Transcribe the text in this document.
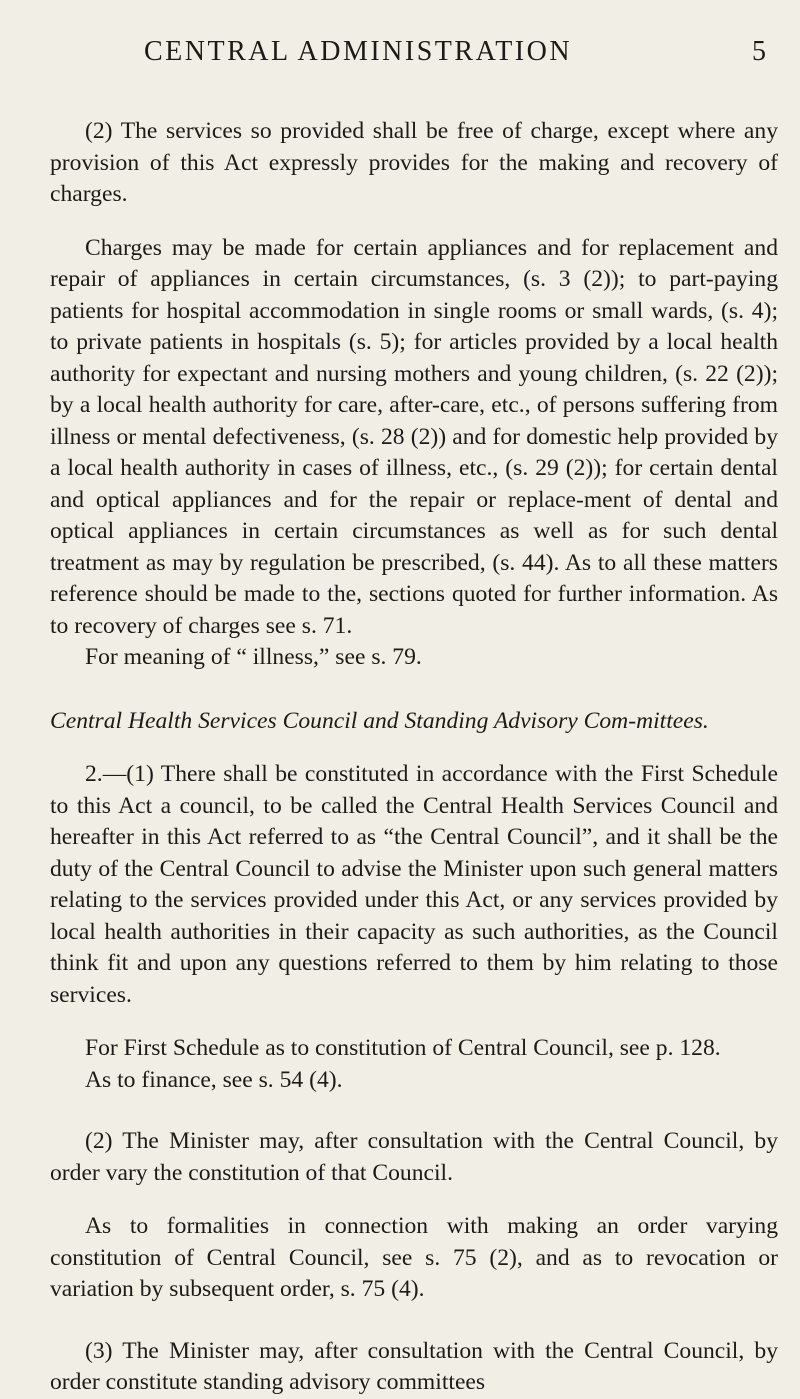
CENTRAL ADMINISTRATION	5

(2) The services so provided shall be free of charge, except where any provision of this Act expressly provides for the making and recovery of charges.

Charges may be made for certain appliances and for replacement and repair of appliances in certain circumstances, (s. 3 (2)); to part-paying patients for hospital accommodation in single rooms or small wards, (s. 4); to private patients in hospitals (s. 5); for articles provided by a local health authority for expectant and nursing mothers and young children, (s. 22 (2)); by a local health authority for care, after-care, etc., of persons suffering from illness or mental defectiveness, (s. 28 (2)) and for domestic help provided by a local health authority in cases of illness, etc., (s. 29 (2)); for certain dental and optical appliances and for the repair or replace-ment of dental and optical appliances in certain circumstances as well as for such dental treatment as may by regulation be prescribed, (s. 44). As to all these matters reference should be made to the, sections quoted for further information. As to recovery of charges see s. 71.

For meaning of “ illness,” see s. 79.

Central Health Services Council and Standing Advisory Com-mittees.

2.—(1) There shall be constituted in accordance with the First Schedule to this Act a council, to be called the Central Health Services Council and hereafter in this Act referred to as “the Central Council”, and it shall be the duty of the Central Council to advise the Minister upon such general matters relating to the services provided under this Act, or any services provided by local health authorities in their capacity as such authorities, as the Council think fit and upon any questions referred to them by him relating to those services.

For First Schedule as to constitution of Central Council, see p. 128.

As to finance, see s. 54 (4).

(2) The Minister may, after consultation with the Central Council, by order vary the constitution of that Council.

As to formalities in connection with making an order varying constitution of Central Council, see s. 75 (2), and as to revocation or variation by subsequent order, s. 75 (4).

(3) The Minister may, after consultation with the Central Council, by order constitute standing advisory committees
